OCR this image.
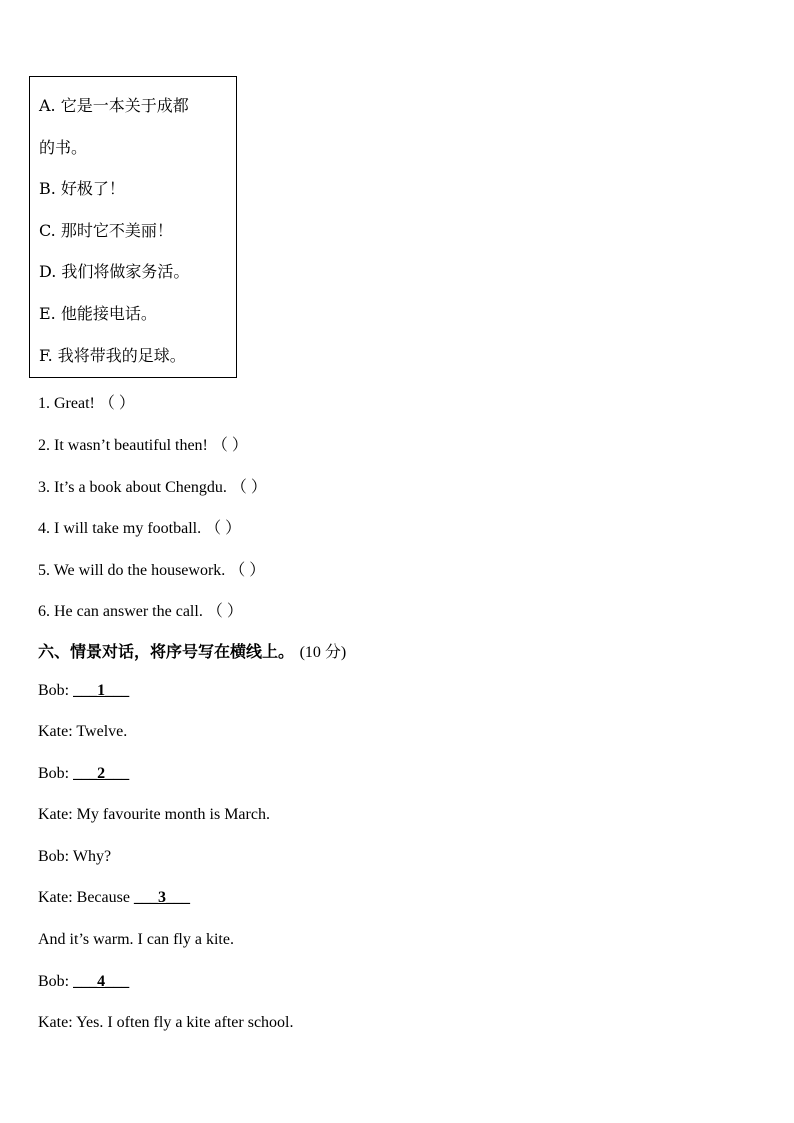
A. 它是一本关于成都
的书。
B. 好极了！
C. 那时它不美丽！
D. 我们将做家务活。
E. 他能接电话。
F. 我将带我的足球。
1. Great! （ ）
2. It wasn’t beautiful then! （ ）
3. It’s a book about Chengdu. （ ）
4. I will take my football. （ ）
5. We will do the housework. （ ）
6. He can answer the call. （ ）
六、情景对话，将序号写在横线上。 (10 分)
Bob: ___1___
Kate: Twelve.
Bob: ___2___
Kate: My favourite month is March.
Bob: Why?
Kate: Because ___3___
And it’s warm. I can fly a kite.
Bob: ___4___
Kate: Yes. I often fly a kite after school.
